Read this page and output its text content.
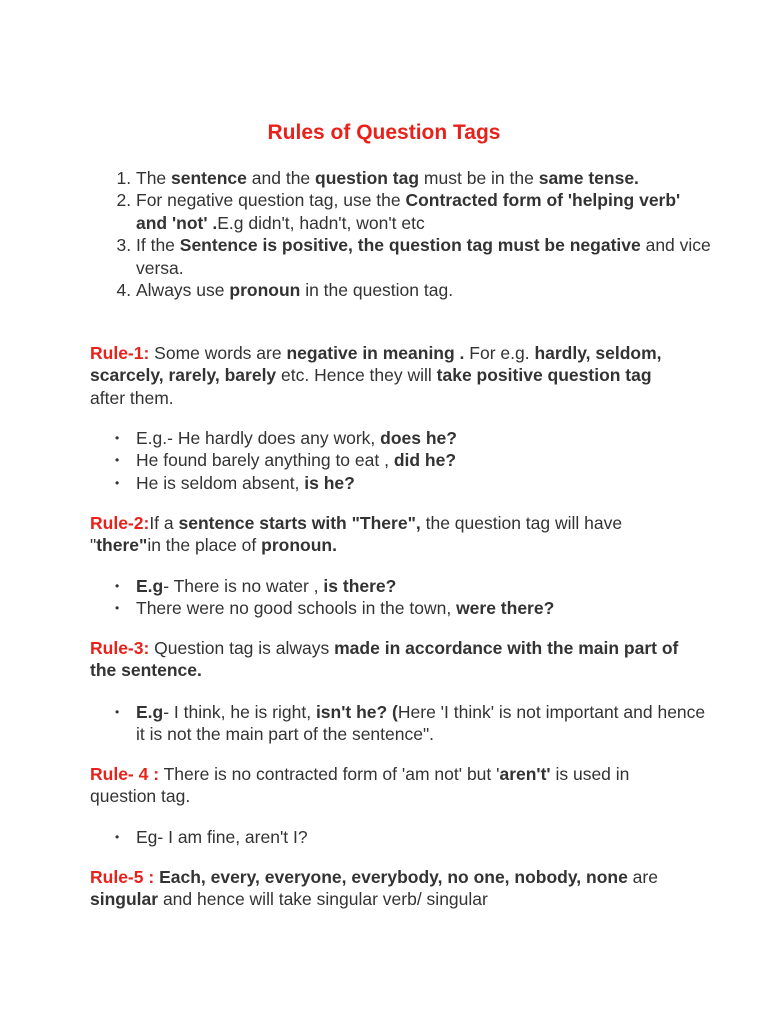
Rules of Question Tags
1. The sentence and the question tag must be in the same tense.
2. For negative question tag, use the Contracted form of 'helping verb' and 'not' .E.g didn't, hadn't, won't etc
3. If the Sentence is positive, the question tag must be negative and vice versa.
4. Always use pronoun in the question tag.

Rule-1: Some words are negative in meaning . For e.g. hardly, seldom, scarcely, rarely, barely etc. Hence they will take positive question tag after them.

• E.g.- He hardly does any work, does he?
• He found barely anything to eat , did he?
• He is seldom absent, is he?

Rule-2:If a sentence starts with "There", the question tag will have "there"in the place of pronoun.

• E.g- There is no water , is there?
• There were no good schools in the town, were there?

Rule-3: Question tag is always made in accordance with the main part of the sentence.

• E.g- I think, he is right, isn't he? (Here 'I think' is not important and hence it is not the main part of the sentence".

Rule- 4 : There is no contracted form of 'am not' but 'aren't' is used in question tag.

• Eg- I am fine, aren't I?

Rule-5 : Each, every, everyone, everybody, no one, nobody, none are singular and hence will take singular verb/ singular
